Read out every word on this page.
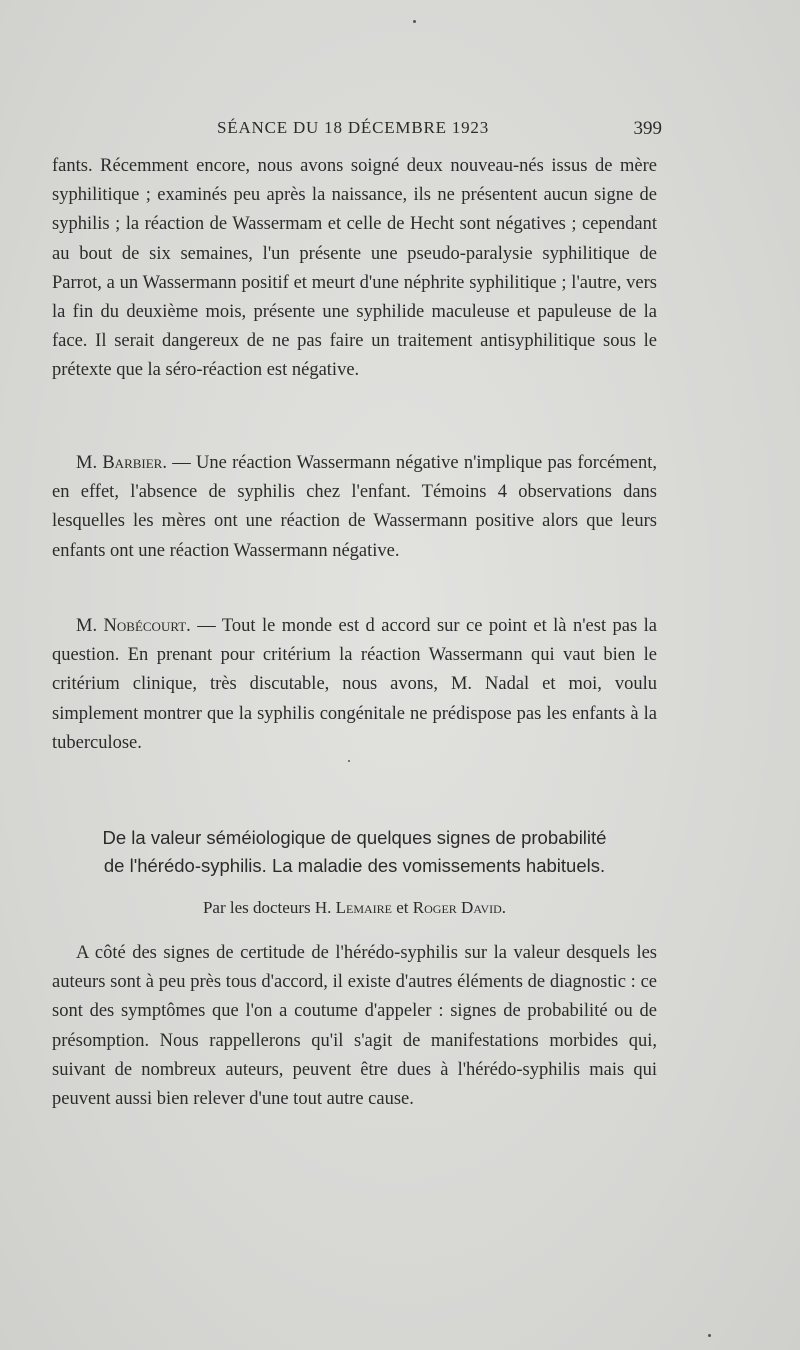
SÉANCE DU 18 DÉCEMBRE 1923	399

fants. Récemment encore, nous avons soigné deux nouveau-nés issus de mère syphilitique ; examinés peu après la naissance, ils ne présentent aucun signe de syphilis ; la réaction de Wassermam et celle de Hecht sont négatives ; cependant au bout de six semaines, l'un présente une pseudo-paralysie syphilitique de Parrot, a un Wassermann positif et meurt d'une néphrite syphilitique ; l'autre, vers la fin du deuxième mois, présente une syphilide maculeuse et papuleuse de la face. Il serait dangereux de ne pas faire un traitement antisyphilitique sous le prétexte que la séro-réaction est négative.

M. Barbier. — Une réaction Wassermann négative n'implique pas forcément, en effet, l'absence de syphilis chez l'enfant. Témoins 4 observations dans lesquelles les mères ont une réaction de Wassermann positive alors que leurs enfants ont une réaction Wassermann négative.

M. Nobécourt. — Tout le monde est d accord sur ce point et là n'est pas la question. En prenant pour critérium la réaction Wassermann qui vaut bien le critérium clinique, très discutable, nous avons, M. Nadal et moi, voulu simplement montrer que la syphilis congénitale ne prédispose pas les enfants à la tuberculose.

De la valeur séméiologique de quelques signes de probabilité
de l'hérédo-syphilis. La maladie des vomissements habituels.
Par les docteurs H. Lemaire et Roger David.

A côté des signes de certitude de l'hérédo-syphilis sur la valeur desquels les auteurs sont à peu près tous d'accord, il existe d'autres éléments de diagnostic : ce sont des symptômes que l'on a coutume d'appeler : signes de probabilité ou de présomption. Nous rappellerons qu'il s'agit de manifestations morbides qui, suivant de nombreux auteurs, peuvent être dues à l'hérédo-syphilis mais qui peuvent aussi bien relever d'une tout autre cause.
